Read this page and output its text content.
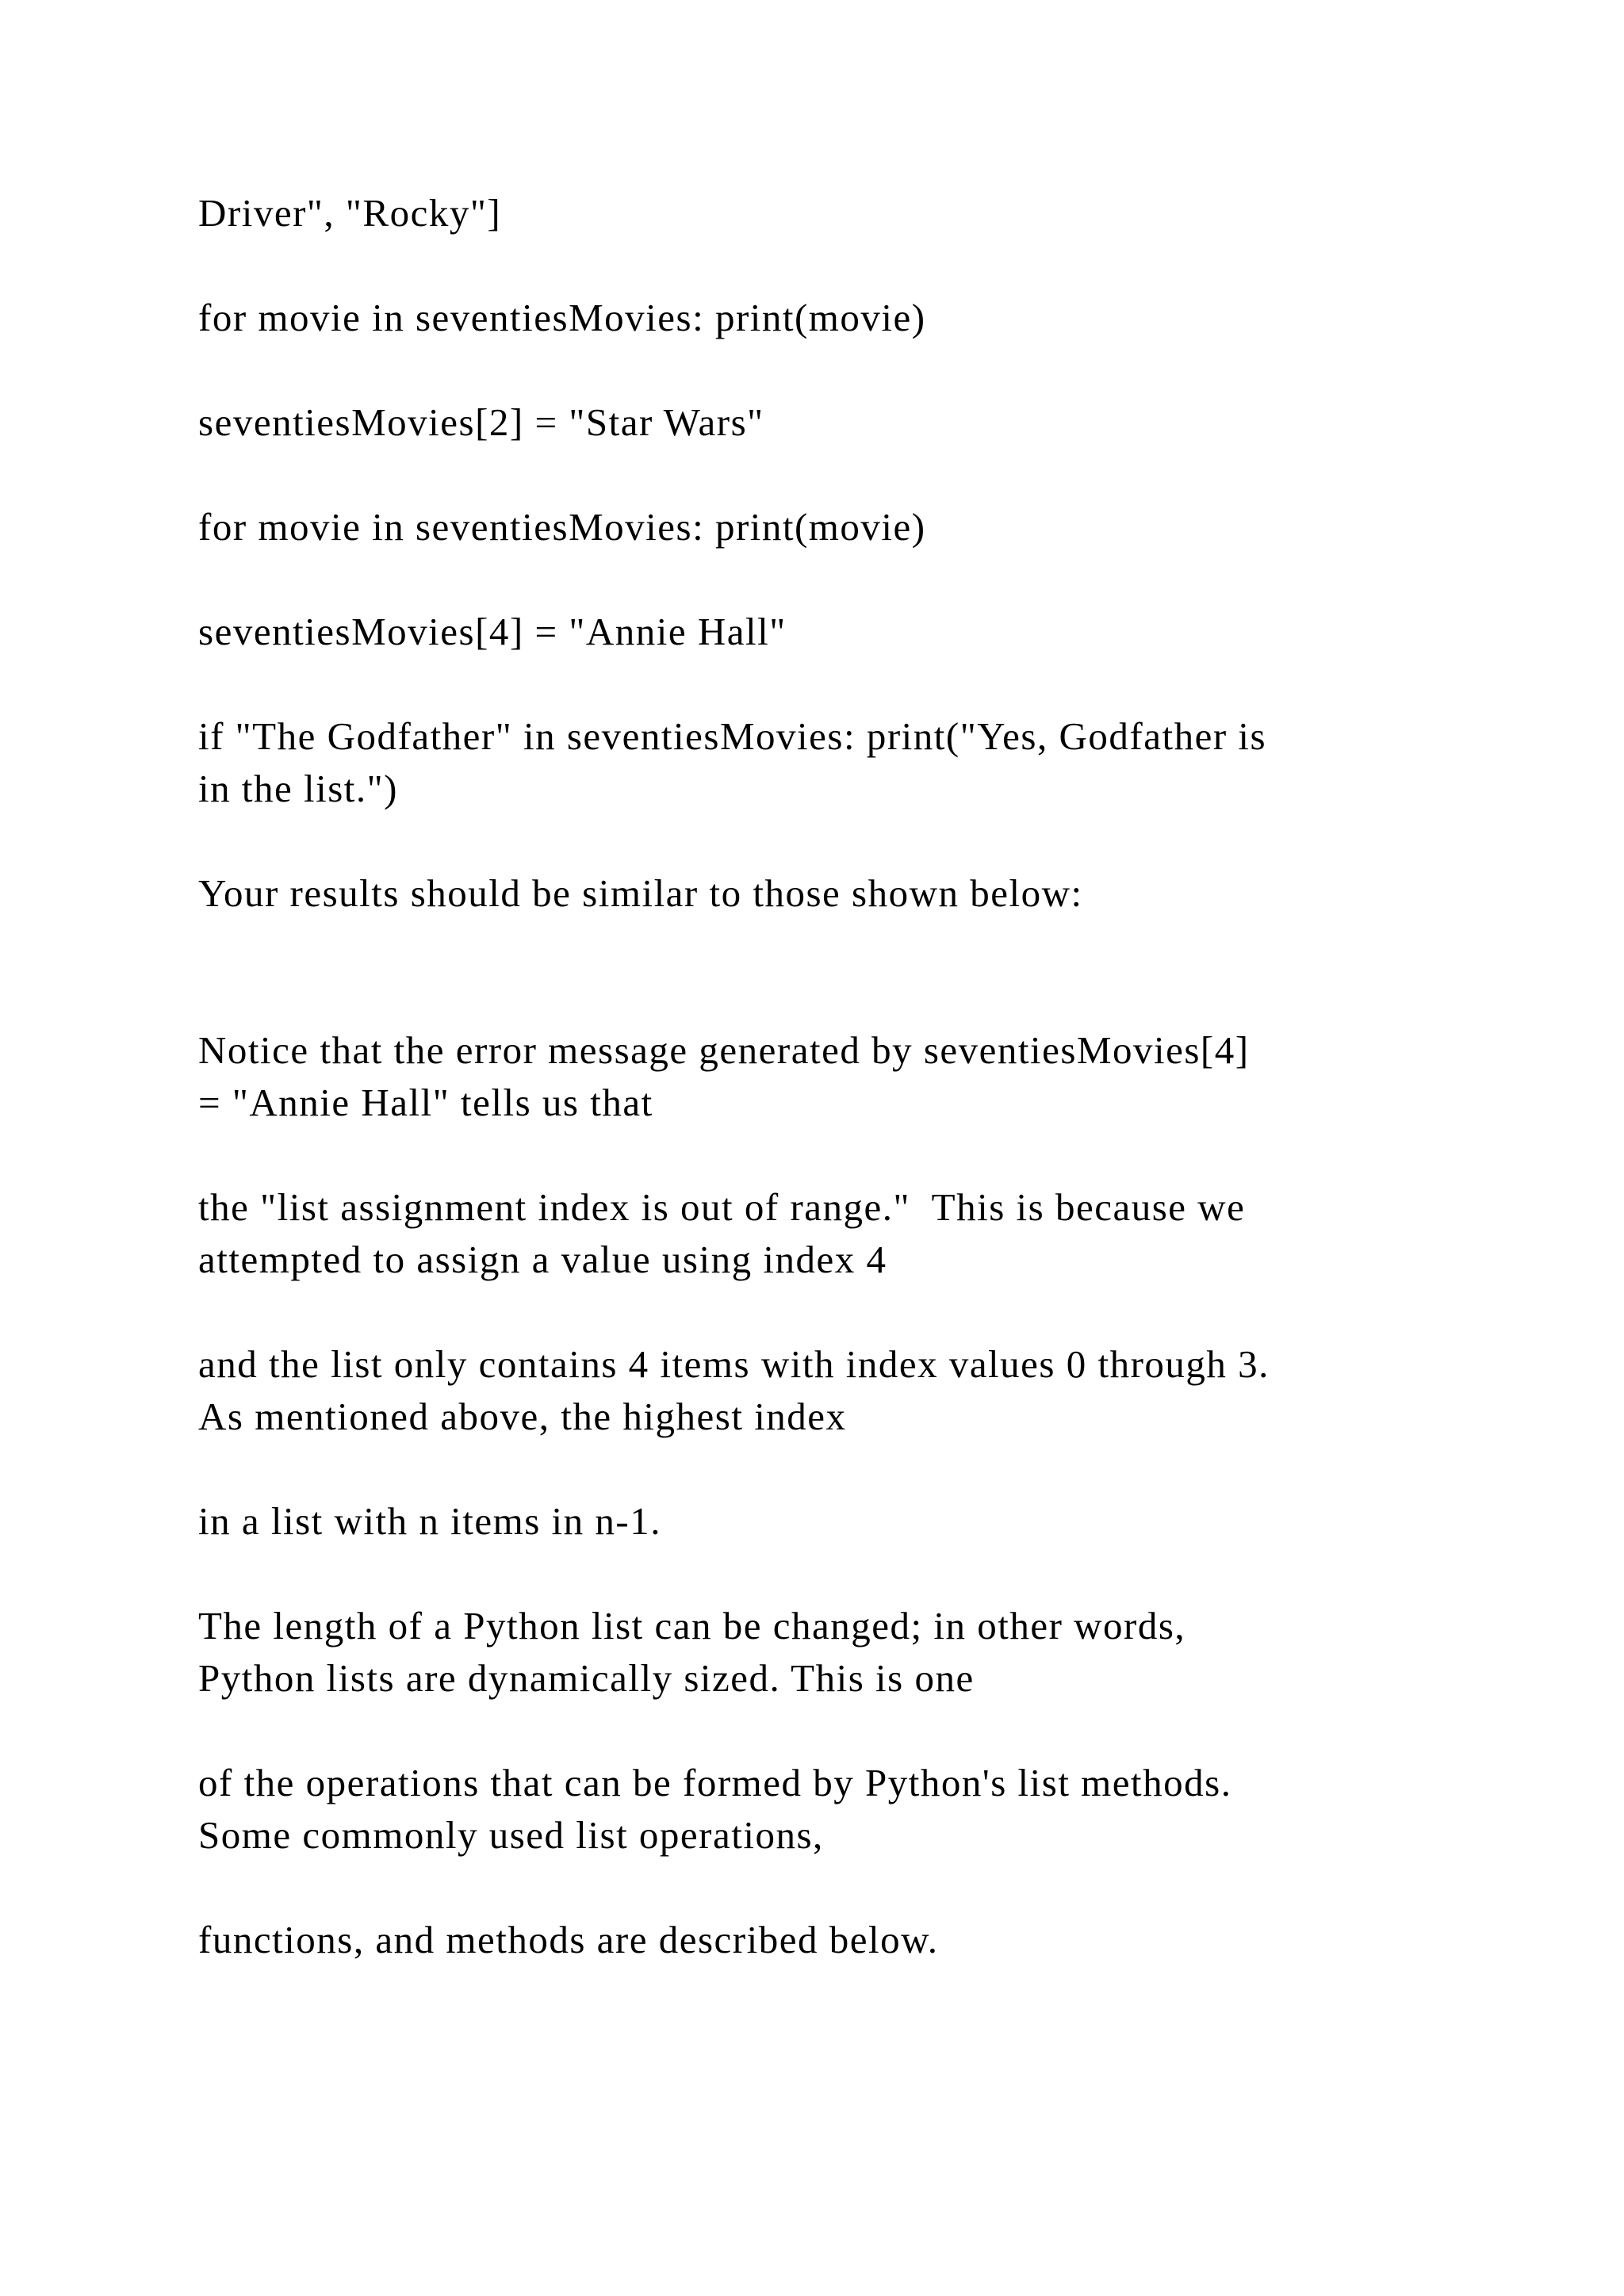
Driver", "Rocky"]

for movie in seventiesMovies: print(movie)

seventiesMovies[2] = "Star Wars"

for movie in seventiesMovies: print(movie)

seventiesMovies[4] = "Annie Hall"

if "The Godfather" in seventiesMovies: print("Yes, Godfather is
in the list.")

Your results should be similar to those shown below:

Notice that the error message generated by seventiesMovies[4]
= "Annie Hall" tells us that

the "list assignment index is out of range."  This is because we
attempted to assign a value using index 4

and the list only contains 4 items with index values 0 through 3.
As mentioned above, the highest index

in a list with n items in n-1.

The length of a Python list can be changed; in other words,
Python lists are dynamically sized. This is one

of the operations that can be formed by Python's list methods.
Some commonly used list operations,

functions, and methods are described below.
